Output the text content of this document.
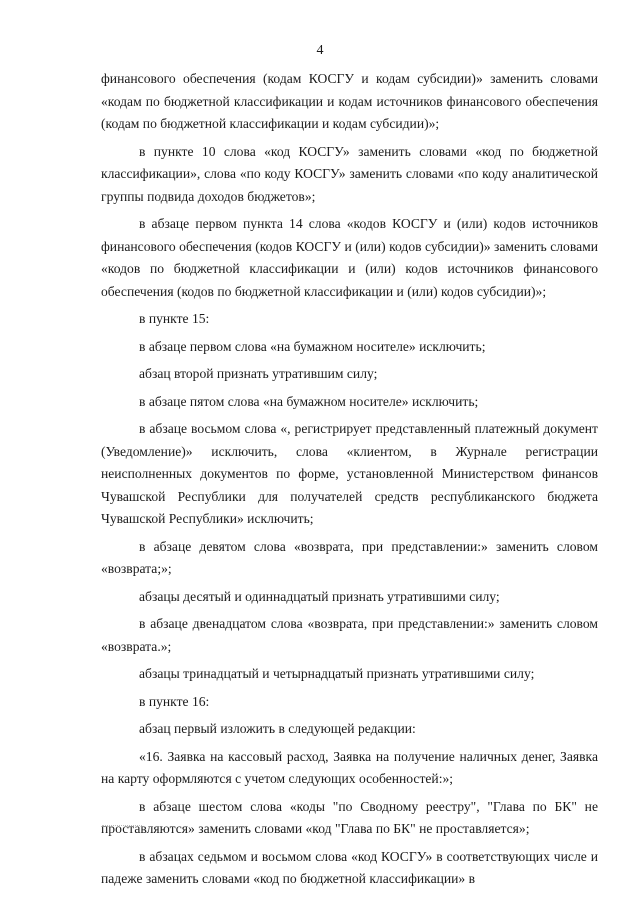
4

финансового обеспечения (кодам КОСГУ и кодам субсидии)» заменить словами «кодам по бюджетной классификации и кодам источников финансового обеспечения (кодам по бюджетной классификации и кодам субсидии)»;

в пункте 10 слова «код КОСГУ» заменить словами «код по бюджетной классификации», слова «по коду КОСГУ» заменить словами «по коду аналитической группы подвида доходов бюджетов»;

в абзаце первом пункта 14 слова «кодов КОСГУ и (или) кодов источников финансового обеспечения (кодов КОСГУ и (или) кодов субсидии)» заменить словами «кодов по бюджетной классификации и (или) кодов источников финансового обеспечения (кодов по бюджетной классификации и (или) кодов субсидии)»;

в пункте 15:

в абзаце первом слова «на бумажном носителе» исключить;

абзац второй признать утратившим силу;

в абзаце пятом слова «на бумажном носителе» исключить;

в абзаце восьмом слова «, регистрирует представленный платежный документ (Уведомление)» исключить, слова «клиентом, в Журнале регистрации неисполненных документов по форме, установленной Министерством финансов Чувашской Республики для получателей средств республиканского бюджета Чувашской Республики» исключить;

в абзаце девятом слова «возврата, при представлении:» заменить словом «возврата;»;

абзацы десятый и одиннадцатый признать утратившими силу;

в абзаце двенадцатом слова «возврата, при представлении:» заменить словом «возврата.»;

абзацы тринадцатый и четырнадцатый признать утратившими силу;

в пункте 16:

абзац первый изложить в следующей редакции:

«16. Заявка на кассовый расход, Заявка на получение наличных денег, Заявка на карту оформляются с учетом следующих особенностей:»;

в абзаце шестом слова «коды "по Сводному реестру", "Глава по БК" не проставляются» заменить словами «код "Глава по БК" не проставляется»;

в абзацах седьмом и восьмом слова «код КОСГУ» в соответствующих числе и падеже заменить словами «код по бюджетной классификации» в
